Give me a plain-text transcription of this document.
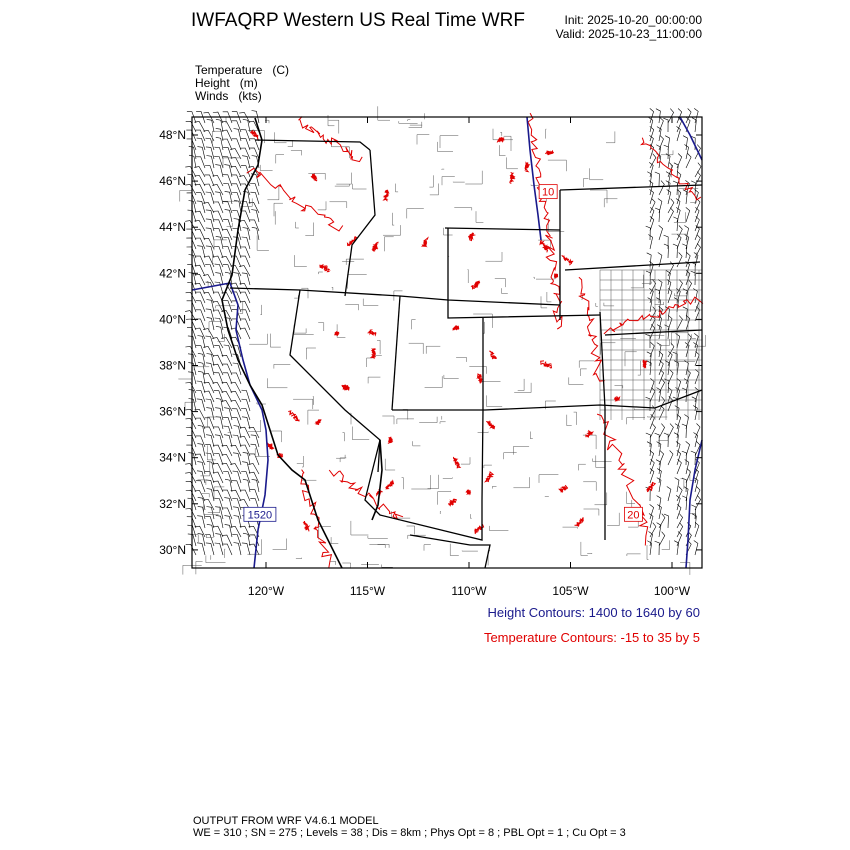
IWFAQRP Western US Real Time WRF	Init: 2025-10-20_00:00:00
Valid: 2025-10-23_11:00:00
Temperature (C)
Height (m)
Winds (kts)
1520
10
20
48°N
46°N
44°N
42°N
40°N
38°N
36°N
34°N
32°N
30°N
120°W	115°W	110°W	105°W	100°W
Height Contours: 1400 to 1640 by 60
Temperature Contours: -15 to 35 by 5
OUTPUT FROM WRF V4.6.1 MODEL
WE = 310 ; SN = 275 ; Levels = 38 ; Dis = 8km ; Phys Opt = 8 ; PBL Opt = 1 ; Cu Opt = 3
